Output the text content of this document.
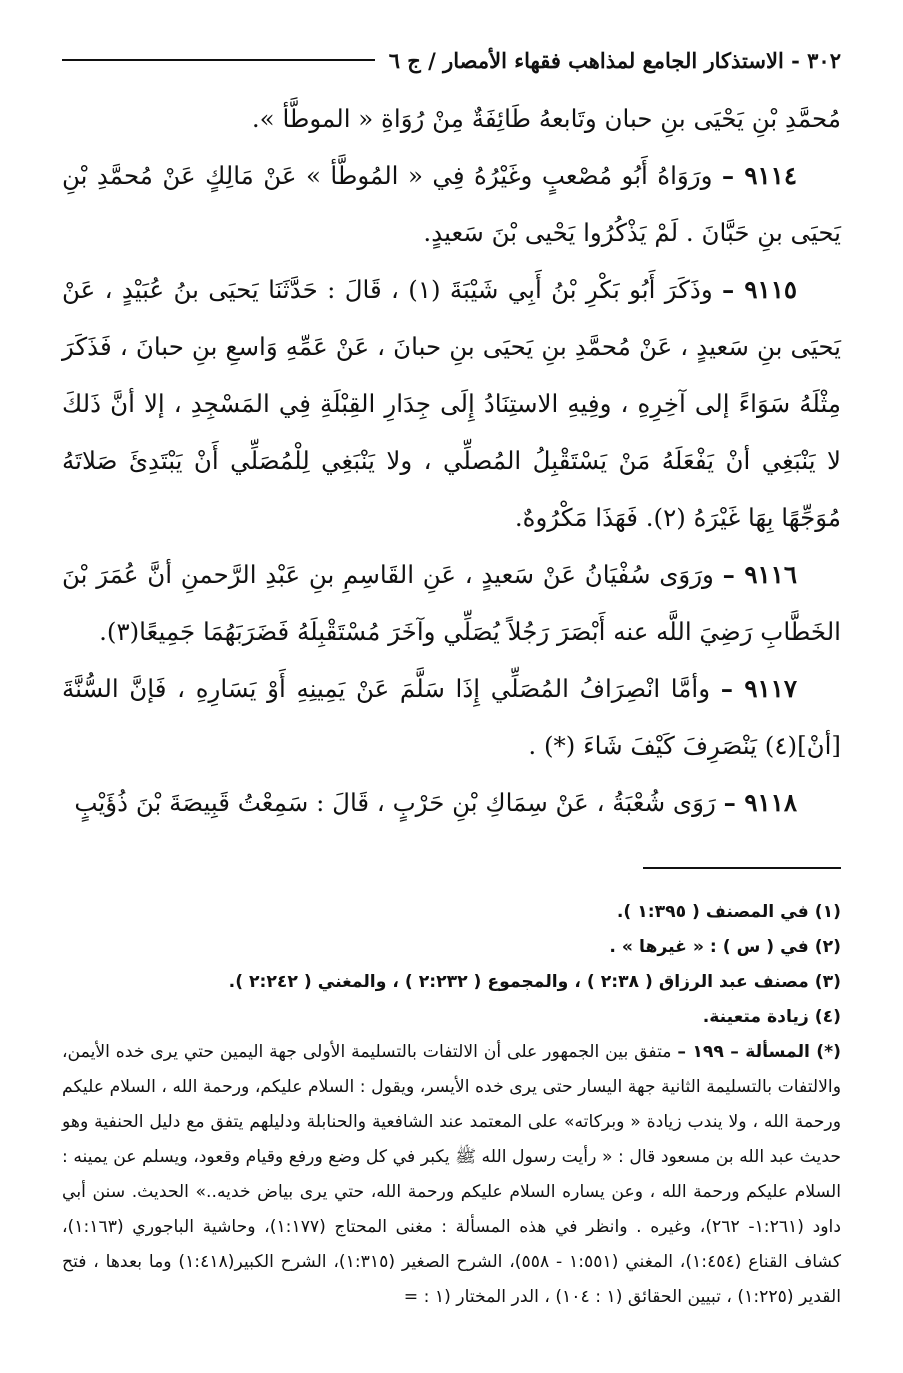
٣٠٢ - الاستذكار الجامع لمذاهب فقهاء الأمصار / ج ٦

مُحمَّدِ بْنِ يَحْيَى بنِ حبان وتَابعهُ طَائِفَةٌ مِنْ رُوَاةِ « الموطَّأ ».

٩١١٤ – ورَوَاهُ أَبُو مُصْعبٍ وغَيْرُهُ فِي « المُوطَّأ » عَنْ مَالِكٍ عَنْ مُحمَّدِ بْنِ يَحيَى بنِ حَبَّانَ . لَمْ يَذْكُرُوا يَحْيى بْنَ سَعيدٍ.

٩١١٥ – وذَكَرَ أَبُو بَكْرِ بْنُ أَبِي شَيْبَةَ (١) ، قَالَ : حَدَّثَنَا يَحيَى بنُ عُبَيْدٍ ، عَنْ يَحيَى بنِ سَعيدٍ ، عَنْ مُحمَّدِ بنِ يَحيَى بنِ حبانَ ، عَنْ عَمِّهِ وَاسعِ بنِ حبانَ ، فَذَكَرَ مِثْلَهُ سَوَاءً إلى آخِرِهِ ، وفِيهِ الاستِنَادُ إِلَى جِدَارِ القِبْلَةِ فِي المَسْجِدِ ، إلا أنَّ ذَلكَ لا يَنْبَغِي أنْ يَفْعَلَهُ مَنْ يَسْتَقْبِلُ المُصلِّي ، ولا يَنْبَغِي لِلْمُصَلِّي أَنْ يَبْتَدِئَ صَلاتَهُ مُوَجِّهًا بِهَا غَيْرَهُ (٢). فَهَذَا مَكْرُوهٌ.

٩١١٦ – ورَوَى سُفْيَانُ عَنْ سَعيدٍ ، عَنِ القَاسِمِ بنِ عَبْدِ الرَّحمنِ أنَّ عُمَرَ بْنَ الخَطَّابِ رَضِيَ اللَّه عنه أَبْصَرَ رَجُلاً يُصَلِّي وآخَرَ مُسْتَقْبِلَهُ فَضَرَبَهُمَا جَمِيعًا(٣).

٩١١٧ – وأمَّا انْصِرَافُ المُصَلِّي إِذَا سَلَّمَ عَنْ يَمِينِهِ أَوْ يَسَارِهِ ، فَإنَّ السُّنَّةَ [أنْ](٤) يَنْصَرِفَ كَيْفَ شَاءَ (*) .

٩١١٨ – رَوَى شُعْبَةُ ، عَنْ سِمَاكِ بْنِ حَرْبٍ ، قَالَ : سَمِعْتُ قَبِيصَةَ بْنَ ذُؤَيْبٍ

(١) في المصنف ( ١:٣٩٥ ).

(٢) في ( س ) : « غيرها » .

(٣) مصنف عبد الرزاق ( ٢:٣٨ ) ، والمجموع ( ٢:٢٣٢ ) ، والمغني ( ٢:٢٤٢ ).

(٤) زيادة متعينة.

(*) المسألة – ١٩٩ – متفق بين الجمهور على أن الالتفات بالتسليمة الأولى جهة اليمين حتي يرى خده الأيمن، والالتفات بالتسليمة الثانية جهة اليسار حتى يرى خده الأيسر، ويقول : السلام عليكم، ورحمة الله ، السلام عليكم ورحمة الله ، ولا يندب زيادة « وبركاته» على المعتمد عند الشافعية والحنابلة ودليلهم يتفق مع دليل الحنفية وهو حديث عبد الله بن مسعود قال : « رأيت رسول الله ﷺ يكبر في كل وضع ورفع وقيام وقعود، ويسلم عن يمينه : السلام عليكم ورحمة الله ، وعن يساره السلام عليكم ورحمة الله، حتي يرى بياض خديه..» الحديث. سنن أبي داود (١:٢٦١- ٢٦٢)، وغيره . وانظر في هذه المسألة : مغنى المحتاج (١:١٧٧)، وحاشية الباجوري (١:١٦٣)، كشاف القناع (١:٤٥٤)، المغني (١:٥٥١ - ٥٥٨)، الشرح الصغير (١:٣١٥)، الشرح الكبير(١:٤١٨) وما بعدها ، فتح القدير (١:٢٢٥) ، تبيين الحقائق (١ : ١٠٤) ، الدر المختار (١ : =
